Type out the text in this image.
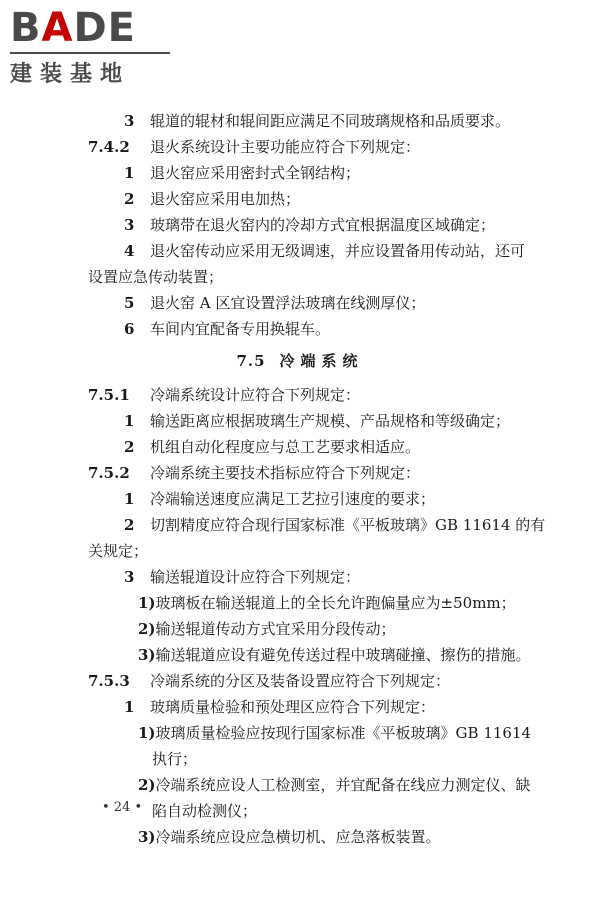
B A DE
建装基地
3 辊道的辊材和辊间距应满足不同玻璃规格和品质要求。
7.4.2 退火系统设计主要功能应符合下列规定：
1 退火窑应采用密封式全钢结构；
2 退火窑应采用电加热；
3 玻璃带在退火窑内的冷却方式宜根据温度区域确定；
4 退火窑传动应采用无级调速，并应设置备用传动站，还可
设置应急传动装置；
5 退火窑 A 区宜设置浮法玻璃在线测厚仪；
6 车间内宜配备专用换辊车。
7.5 冷端系统
7.5.1 冷端系统设计应符合下列规定：
1 输送距离应根据玻璃生产规模、产品规格和等级确定；
2 机组自动化程度应与总工艺要求相适应。
7.5.2 冷端系统主要技术指标应符合下列规定：
1 冷端输送速度应满足工艺拉引速度的要求；
2 切割精度应符合现行国家标准《平板玻璃》GB 11614 的有
关规定；
3 输送辊道设计应符合下列规定：
1)玻璃板在输送辊道上的全长允许跑偏量应为±50mm；
2)输送辊道传动方式宜采用分段传动；
3)输送辊道应设有避免传送过程中玻璃碰撞、擦伤的措施。
7.5.3 冷端系统的分区及装备设置应符合下列规定：
1 玻璃质量检验和预处理区应符合下列规定：
1)玻璃质量检验应按现行国家标准《平板玻璃》GB 11614
执行；
2)冷端系统应设人工检测室，并宜配备在线应力测定仪、缺
陷自动检测仪；
3)冷端系统应设应急横切机、应急落板装置。
• 24 •
